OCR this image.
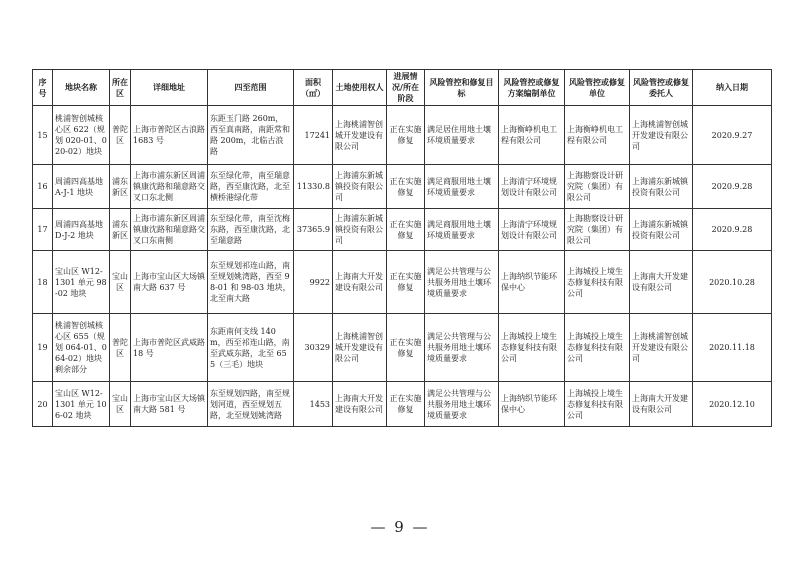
序号	地块名称	所在区	详细地址	四至范围	面积（㎡）	土地使用权人	进展情况/所在阶段	风险管控和修复目标	风险管控或修复方案编制单位	风险管控或修复单位	风险管控或修复委托人	纳入日期
15	桃浦智创城核心区 622（规划 020-01、020-02）地块	普陀区	上海市普陀区古浪路 1683 号	东距玉门路 260m，西至真南路，南距常和路 200m，北临古浪路	17241	上海桃浦智创城开发建设有限公司	正在实施修复	满足居住用地土壤环境质量要求	上海衡峥机电工程有限公司	上海衡峥机电工程有限公司	上海桃浦智创城开发建设有限公司	2020.9.27
16	周浦四高基地 A-J-1 地块	浦东新区	上海市浦东新区周浦镇康沈路和瑞意路交叉口东北侧	东至绿化带，南至瑞意路，西至康沈路，北至横桥港绿化带	11330.8	上海浦东新城镇投资有限公司	正在实施修复	满足商服用地土壤环境质量要求	上海清宁环境规划设计有限公司	上海勘察设计研究院（集团）有限公司	上海浦东新城镇投资有限公司	2020.9.28
17	周浦四高基地 D-J-2 地块	浦东新区	上海市浦东新区周浦镇康沈路和瑞意路交叉口东南侧	东至绿化带，南至沈梅东路，西至康沈路，北至瑞意路	37365.9	上海浦东新城镇投资有限公司	正在实施修复	满足商服用地土壤环境质量要求	上海清宁环境规划设计有限公司	上海勘察设计研究院（集团）有限公司	上海浦东新城镇投资有限公司	2020.9.28
18	宝山区 W12-1301 单元 98-02 地块	宝山区	上海市宝山区大场镇南大路 637 号	东至规划祁连山路，南至规划姚湾路，西至 98-01 和 98-03 地块，北至南大路	9922	上海南大开发建设有限公司	正在实施修复	满足公共管理与公共服务用地土壤环境质量要求	上海纳织节能环保中心	上海城投上境生态修复科技有限公司	上海南大开发建设有限公司	2020.10.28
19	桃浦智创城核心区 655（规划 064-01、064-02）地块剩余部分	普陀区	上海市普陀区武威路 18 号	东距南何支线 140m，西至祁连山路，南至武威东路，北至 655（三毛）地块	30329	上海桃浦智创城开发建设有限公司	正在实施修复	满足公共管理与公共服务用地土壤环境质量要求	上海城投上境生态修复科技有限公司	上海城投上境生态修复科技有限公司	上海桃浦智创城开发建设有限公司	2020.11.18
20	宝山区 W12-1301 单元 106-02 地块	宝山区	上海市宝山区大场镇南大路 581 号	东至规划四路，南至规划河道，西至规划五路，北至规划姚湾路	1453	上海南大开发建设有限公司	正在实施修复	满足公共管理与公共服务用地土壤环境质量要求	上海纳织节能环保中心	上海城投上境生态修复科技有限公司	上海南大开发建设有限公司	2020.12.10
— 9 —
